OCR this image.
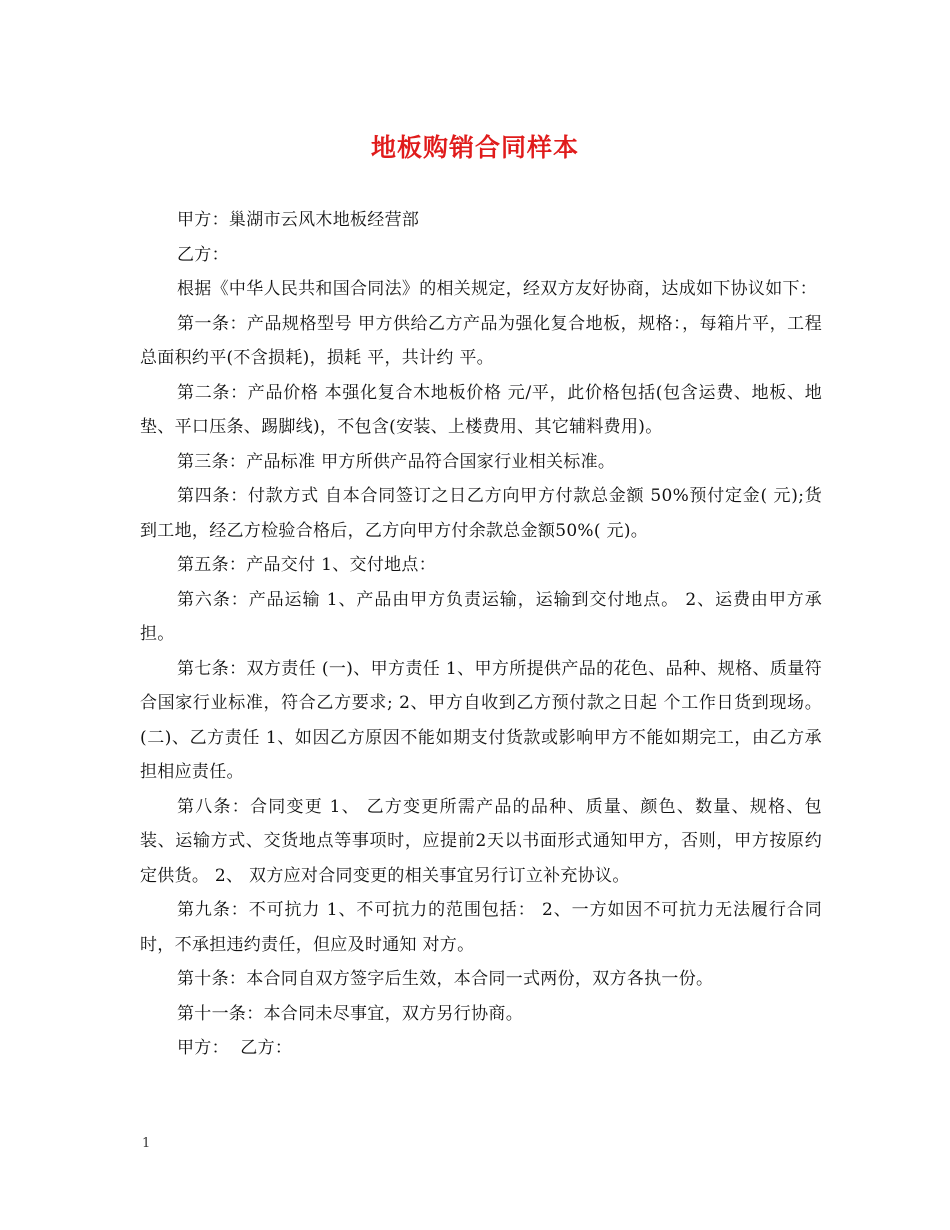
地板购销合同样本

甲方：巢湖市云风木地板经营部

乙方：

根据《中华人民共和国合同法》的相关规定，经双方友好协商，达成如下协议如下：

第一条：产品规格型号 甲方供给乙方产品为强化复合地板，规格：，每箱片平，工程总面积约平(不含损耗)，损耗 平，共计约 平。

第二条：产品价格 本强化复合木地板价格 元/平，此价格包括(包含运费、地板、地垫、平口压条、踢脚线)，不包含(安装、上楼费用、其它辅料费用)。

第三条：产品标准 甲方所供产品符合国家行业相关标准。

第四条：付款方式 自本合同签订之日乙方向甲方付款总金额 50%预付定金( 元);货到工地，经乙方检验合格后，乙方向甲方付余款总金额50%( 元)。

第五条：产品交付 1、交付地点：

第六条：产品运输 1、产品由甲方负责运输，运输到交付地点。 2、运费由甲方承担。

第七条：双方责任 (一)、甲方责任 1、甲方所提供产品的花色、品种、规格、质量符合国家行业标准，符合乙方要求; 2、甲方自收到乙方预付款之日起 个工作日货到现场。 (二)、乙方责任 1、如因乙方原因不能如期支付货款或影响甲方不能如期完工，由乙方承担相应责任。

第八条：合同变更 1、 乙方变更所需产品的品种、质量、颜色、数量、规格、包装、运输方式、交货地点等事项时，应提前2天以书面形式通知甲方，否则，甲方按原约定供货。 2、 双方应对合同变更的相关事宜另行订立补充协议。

第九条：不可抗力 1、不可抗力的范围包括： 2、一方如因不可抗力无法履行合同时，不承担违约责任，但应及时通知 对方。

第十条：本合同自双方签字后生效，本合同一式两份，双方各执一份。

第十一条：本合同未尽事宜，双方另行协商。

甲方：  乙方：

1
